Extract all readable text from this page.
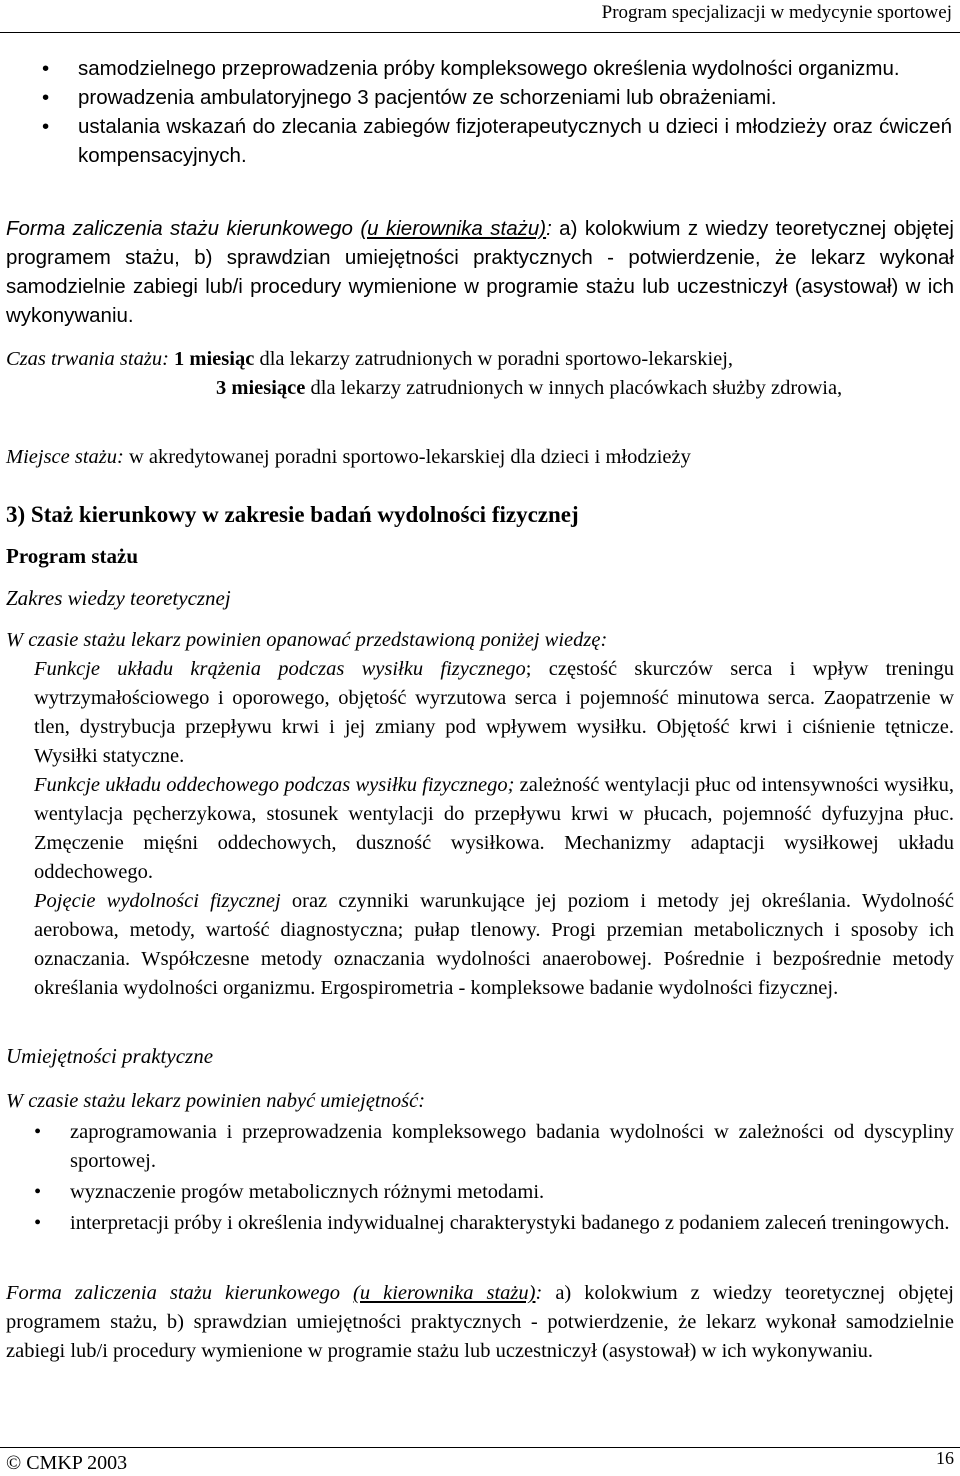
Program specjalizacji w medycynie sportowej
• samodzielnego przeprowadzenia próby kompleksowego określenia wydolności organizmu.
• prowadzenia ambulatoryjnego 3 pacjentów ze schorzeniami lub obrażeniami.
• ustalania wskazań do zlecania zabiegów fizjoterapeutycznych u dzieci i młodzieży oraz ćwiczeń kompensacyjnych.
Forma zaliczenia stażu kierunkowego (u kierownika stażu): a) kolokwium z wiedzy teoretycznej objętej programem stażu, b) sprawdzian umiejętności praktycznych - potwierdzenie, że lekarz wykonał samodzielnie zabiegi lub/i procedury wymienione w programie stażu lub uczestniczył (asystował) w ich wykonywaniu.
Czas trwania stażu: 1 miesiąc dla lekarzy zatrudnionych w poradni sportowo-lekarskiej,
3 miesiące dla lekarzy zatrudnionych w innych placówkach służby zdrowia,
Miejsce stażu: w akredytowanej poradni sportowo-lekarskiej dla dzieci i młodzieży
3) Staż kierunkowy w zakresie badań wydolności fizycznej
Program stażu
Zakres wiedzy teoretycznej
W czasie stażu lekarz powinien opanować przedstawioną poniżej wiedzę:
Funkcje układu krążenia podczas wysiłku fizycznego; częstość skurczów serca i wpływ treningu wytrzymałościowego i oporowego, objętość wyrzutowa serca i pojemność minutowa serca. Zaopatrzenie w tlen, dystrybucja przepływu krwi i jej zmiany pod wpływem wysiłku. Objętość krwi i ciśnienie tętnicze. Wysiłki statyczne.
Funkcje układu oddechowego podczas wysiłku fizycznego; zależność wentylacji płuc od intensywności wysiłku, wentylacja pęcherzykowa, stosunek wentylacji do przepływu krwi w płucach, pojemność dyfuzyjna płuc. Zmęczenie mięśni oddechowych, duszność wysiłkowa. Mechanizmy adaptacji wysiłkowej układu oddechowego.
Pojęcie wydolności fizycznej oraz czynniki warunkujące jej poziom i metody jej określania. Wydolność aerobowa, metody, wartość diagnostyczna; pułap tlenowy. Progi przemian metabolicznych i sposoby ich oznaczania. Współczesne metody oznaczania wydolności anaerobowej. Pośrednie i bezpośrednie metody określania wydolności organizmu. Ergospirometria - kompleksowe badanie wydolności fizycznej.
Umiejętności praktyczne
W czasie stażu lekarz powinien nabyć umiejętność:
• zaprogramowania i przeprowadzenia kompleksowego badania wydolności w zależności od dyscypliny sportowej.
• wyznaczenie progów metabolicznych różnymi metodami.
• interpretacji próby i określenia indywidualnej charakterystyki badanego z podaniem zaleceń treningowych.
Forma zaliczenia stażu kierunkowego (u kierownika stażu): a) kolokwium z wiedzy teoretycznej objętej programem stażu, b) sprawdzian umiejętności praktycznych - potwierdzenie, że lekarz wykonał samodzielnie zabiegi lub/i procedury wymienione w programie stażu lub uczestniczył (asystował) w ich wykonywaniu.
© CMKP 2003	16
